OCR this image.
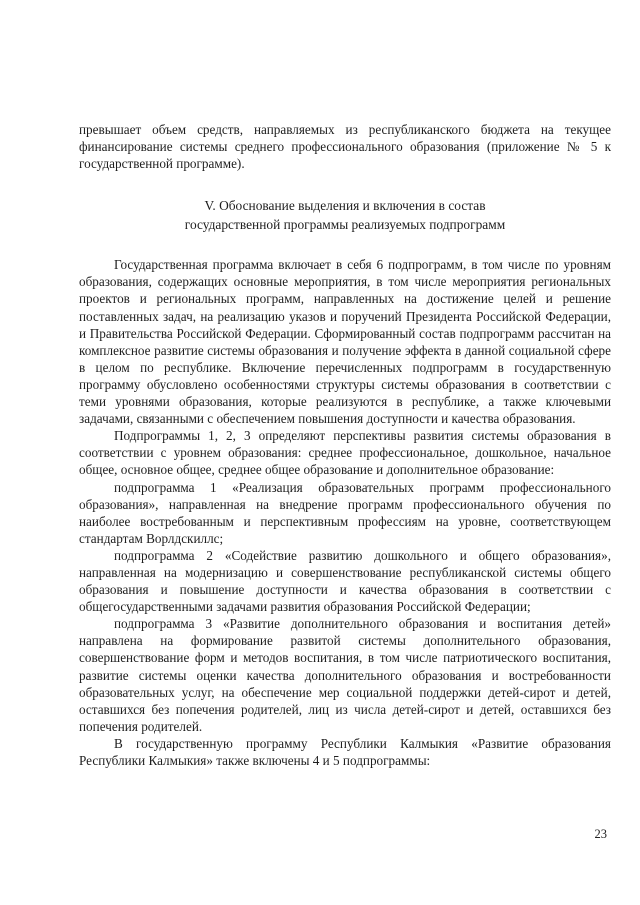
превышает объем средств, направляемых из республиканского бюджета на текущее финансирование системы среднего профессионального образования (приложение № 5 к государственной программе).

V. Обоснование выделения и включения в состав
государственной программы реализуемых подпрограмм

Государственная программа включает в себя 6 подпрограмм, в том числе по уровням образования, содержащих основные мероприятия, в том числе мероприятия региональных проектов и региональных программ, направленных на достижение целей и решение поставленных задач, на реализацию указов и поручений Президента Российской Федерации, и Правительства Российской Федерации. Сформированный состав подпрограмм рассчитан на комплексное развитие системы образования и получение эффекта в данной социальной сфере в целом по республике. Включение перечисленных подпрограмм в государственную программу обусловлено особенностями структуры системы образования в соответствии с теми уровнями образования, которые реализуются в республике, а также ключевыми задачами, связанными с обеспечением повышения доступности и качества образования.

Подпрограммы 1, 2, 3 определяют перспективы развития системы образования в соответствии с уровнем образования: среднее профессиональное, дошкольное, начальное общее, основное общее, среднее общее образование и дополнительное образование:

подпрограмма 1 «Реализация образовательных программ профессионального образования», направленная на внедрение программ профессионального обучения по наиболее востребованным и перспективным профессиям на уровне, соответствующем стандартам Ворлдскиллс;

подпрограмма 2 «Содействие развитию дошкольного и общего образования», направленная на модернизацию и совершенствование республиканской системы общего образования и повышение доступности и качества образования в соответствии с общегосударственными задачами развития образования Российской Федерации;

подпрограмма 3 «Развитие дополнительного образования и воспитания детей» направлена на формирование развитой системы дополнительного образования, совершенствование форм и методов воспитания, в том числе патриотического воспитания, развитие системы оценки качества дополнительного образования и востребованности образовательных услуг, на обеспечение мер социальной поддержки детей-сирот и детей, оставшихся без попечения родителей, лиц из числа детей-сирот и детей, оставшихся без попечения родителей.

В государственную программу Республики Калмыкия «Развитие образования Республики Калмыкия» также включены 4 и 5 подпрограммы:

23
